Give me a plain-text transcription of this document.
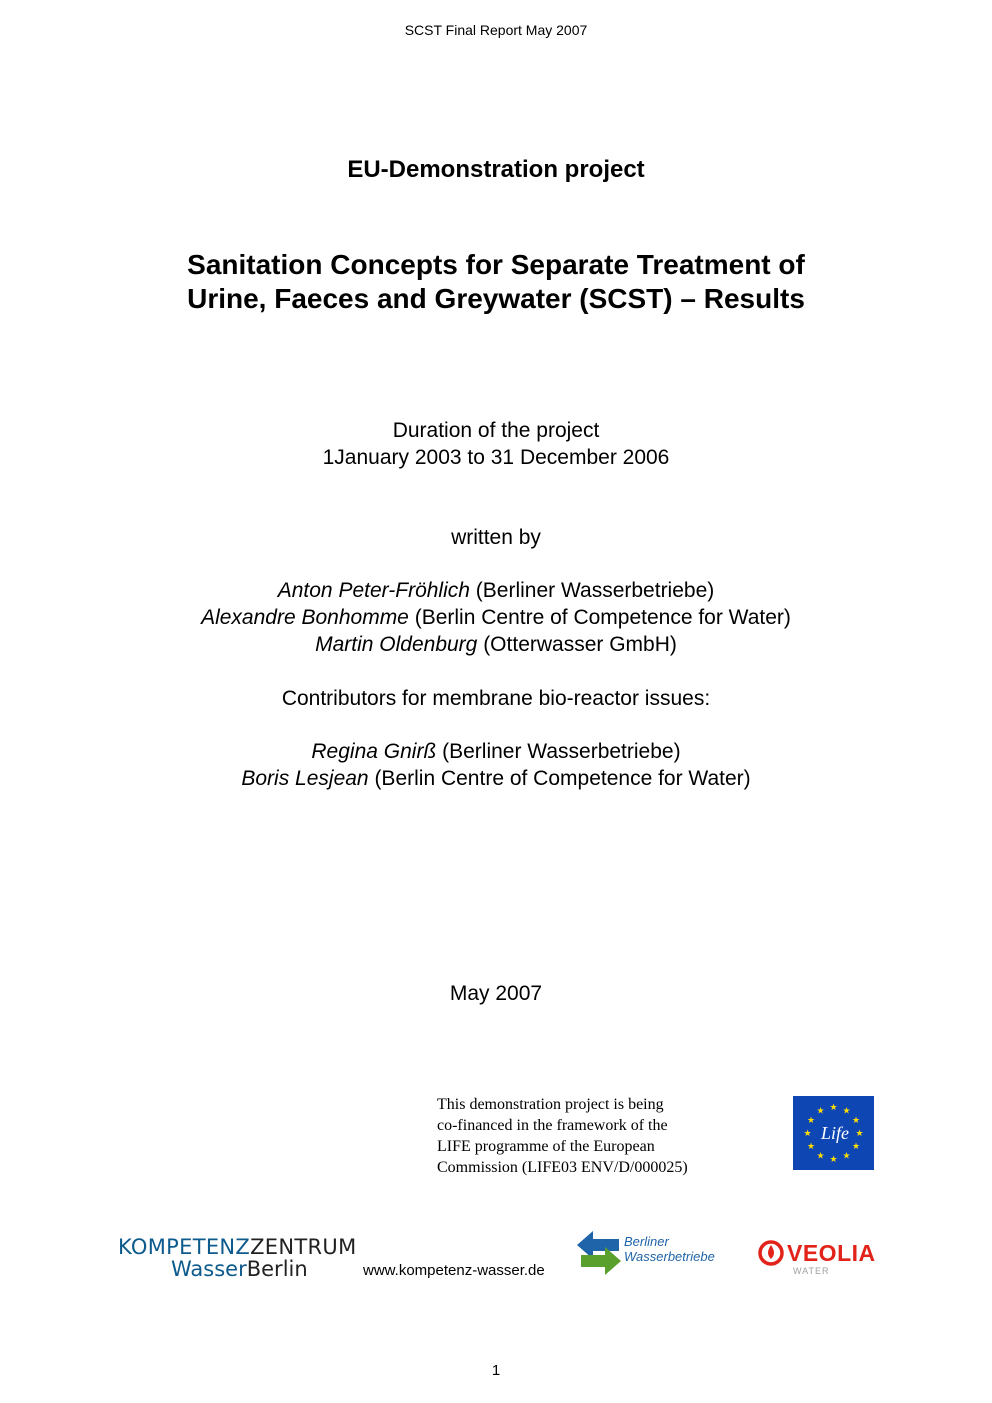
SCST Final Report May 2007
EU-Demonstration project
Sanitation Concepts for Separate Treatment of
Urine, Faeces and Greywater (SCST) – Results
Duration of the project
1January 2003 to 31 December 2006
written by
Anton Peter-Fröhlich (Berliner Wasserbetriebe)
Alexandre Bonhomme (Berlin Centre of Competence for Water)
Martin Oldenburg (Otterwasser GmbH)
Contributors for membrane bio-reactor issues:
Regina Gnirß (Berliner Wasserbetriebe)
Boris Lesjean (Berlin Centre of Competence for Water)
May 2007
This demonstration project is being
co-financed in the framework of the
LIFE programme of the European
Commission (LIFE03 ENV/D/000025)
★ ★
★
★
★
★
★
★
★
★
★
★
Life
KOMPETENZZENTRUM
WasserBerlin	www.kompetenz-wasser.de
Berliner
Wasserbetriebe	VEOLIA
WATER
1
